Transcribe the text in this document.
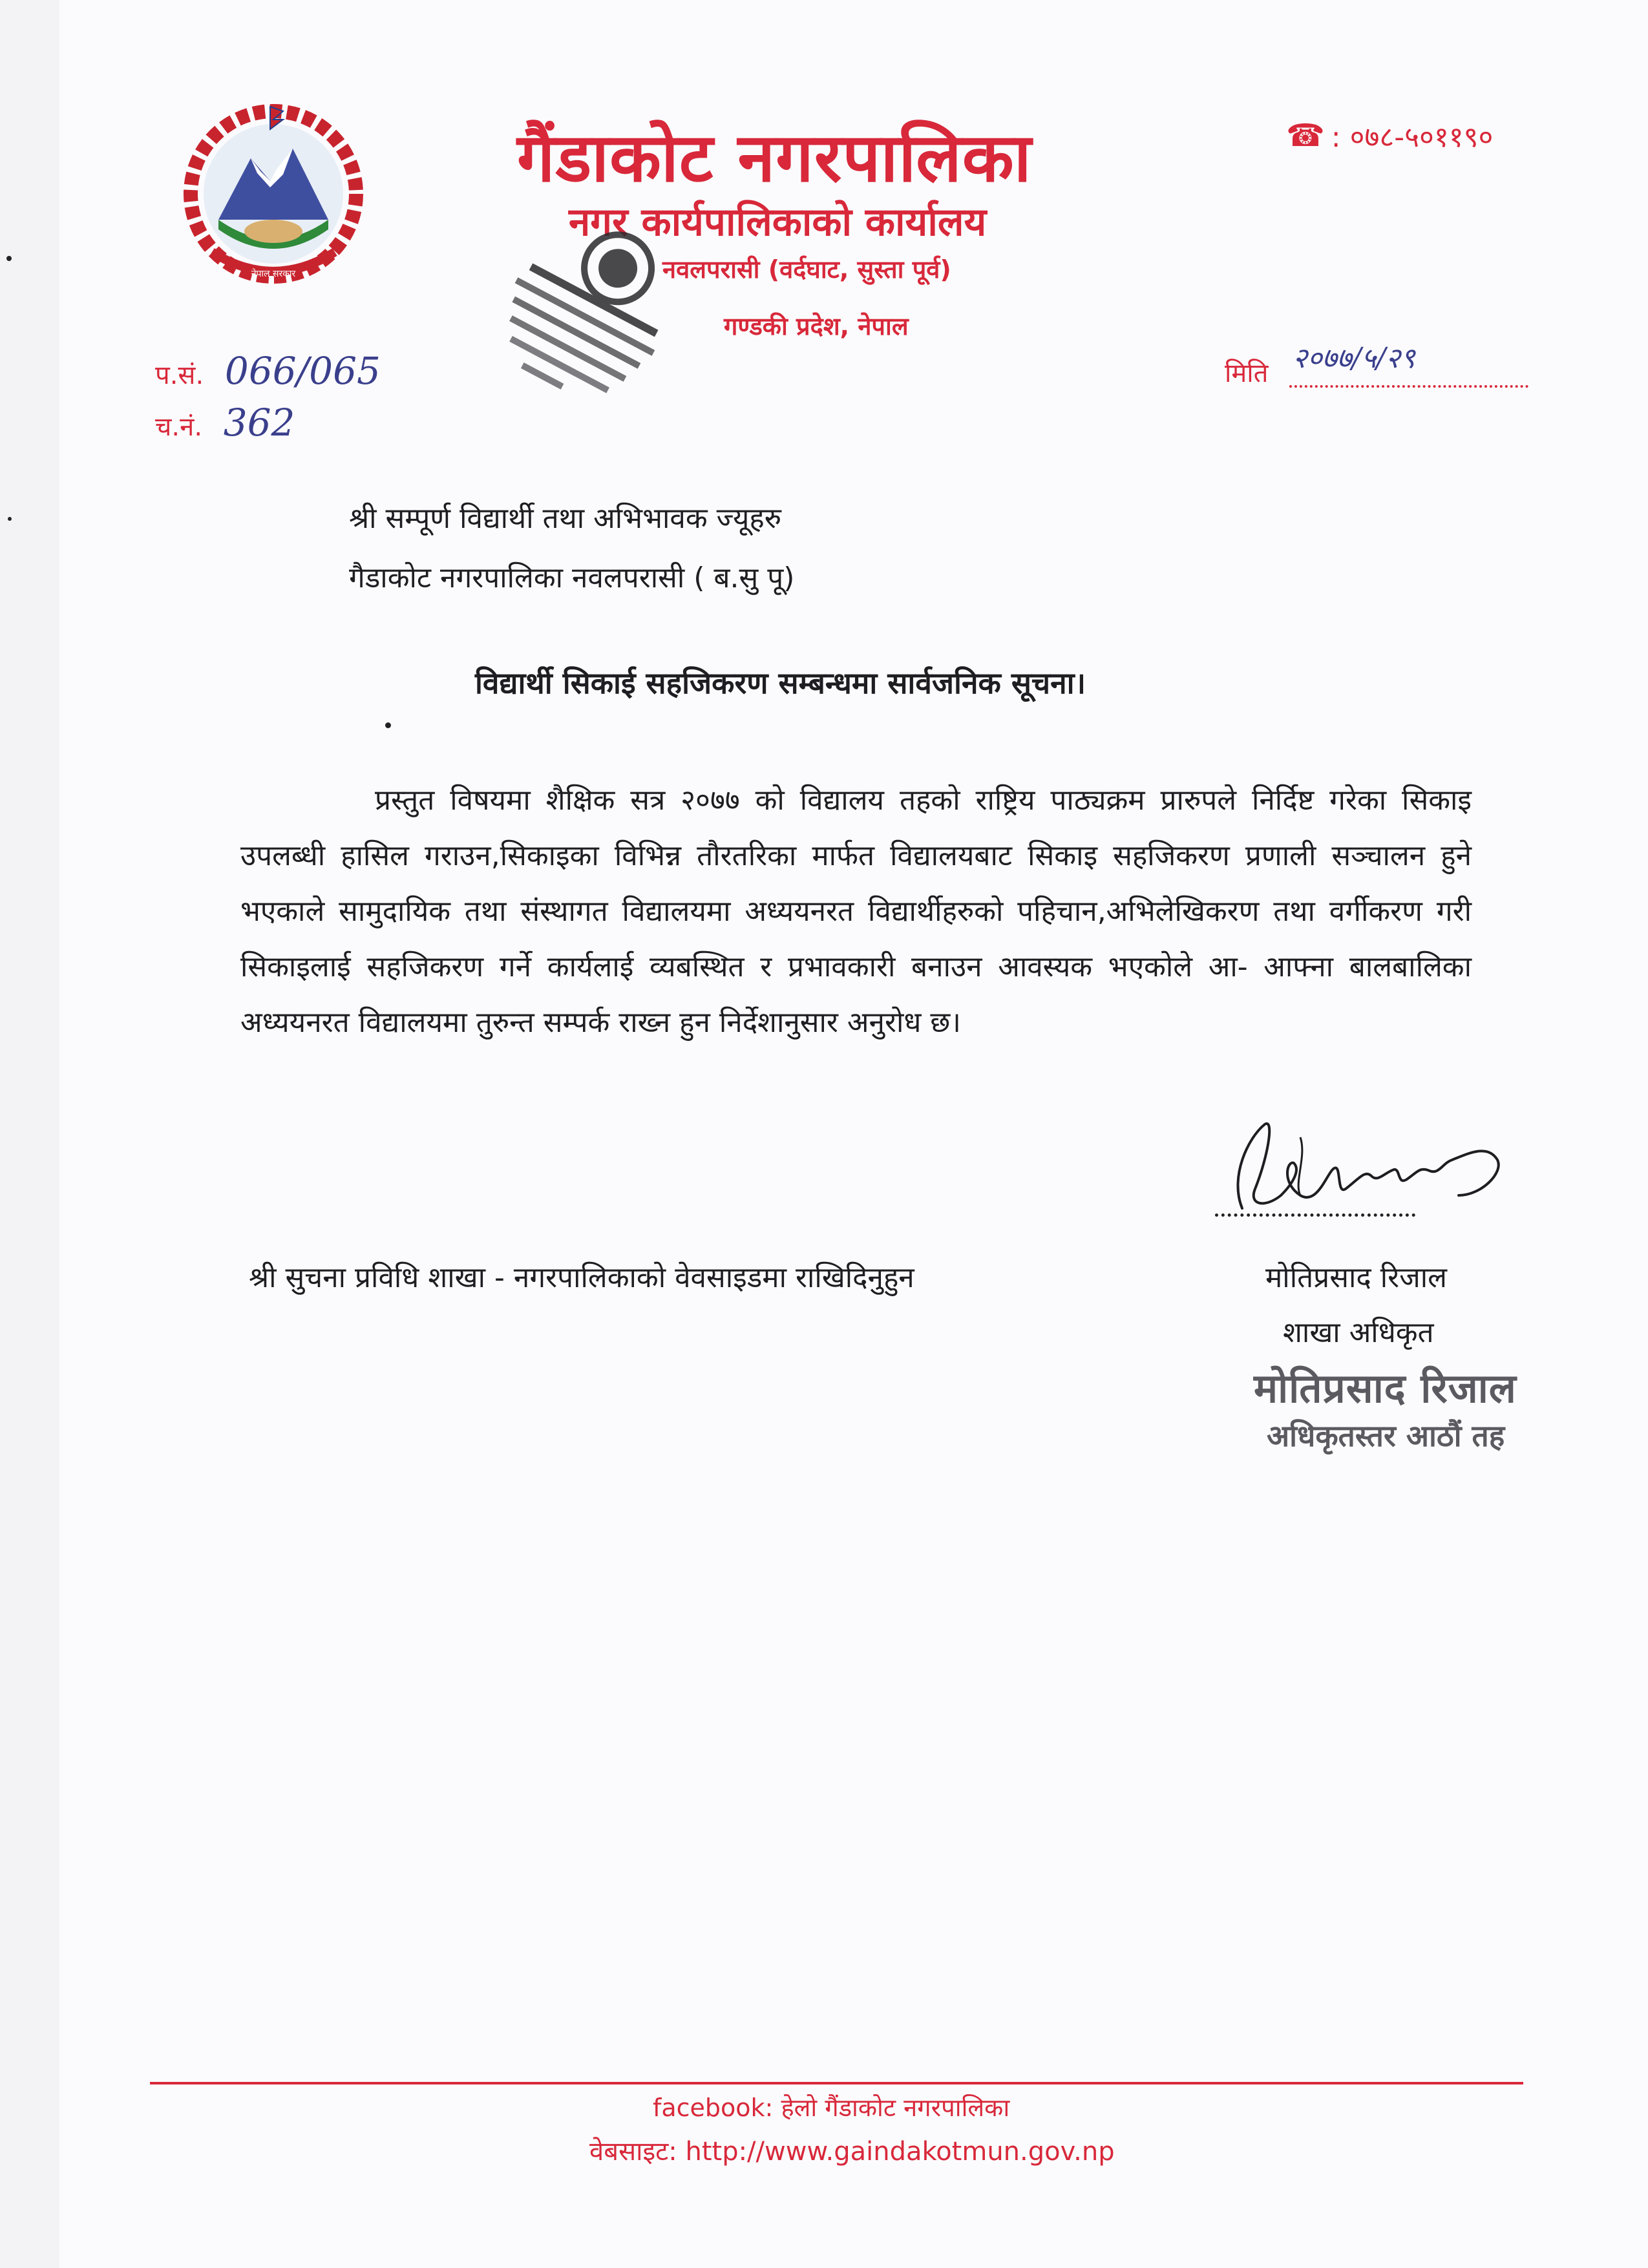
नेपाल सरकार
गैंडाकोट नगरपालिका
नगर कार्यपालिकाको कार्यालय
नवलपरासी (वर्दघाट, सुस्ता पूर्व)
गण्डकी प्रदेश, नेपाल
☎ : ०७८-५०११९०
प.सं. 066/065
च.नं. 362
मिति २०७७/५/२९
श्री सम्पूर्ण विद्यार्थी तथा अभिभावक ज्यूहरु
गैडाकोट नगरपालिका नवलपरासी ( ब.सु पू)
विद्यार्थी सिकाई सहजिकरण सम्बन्धमा सार्वजनिक सूचना।
प्रस्तुत विषयमा शैक्षिक सत्र २०७७ को विद्यालय तहको राष्ट्रिय पाठ्यक्रम प्रारुपले निर्दिष्ट गरेका सिकाइ उपलब्धी हासिल गराउन,सिकाइका विभिन्न तौरतरिका मार्फत विद्यालयबाट सिकाइ सहजिकरण प्रणाली सञ्चालन हुने भएकाले सामुदायिक तथा संस्थागत विद्यालयमा अध्ययनरत विद्यार्थीहरुको पहिचान,अभिलेखिकरण तथा वर्गीकरण गरी सिकाइलाई सहजिकरण गर्ने कार्यलाई व्यबस्थित र प्रभावकारी बनाउन आवस्यक भएकोले आ- आफ्ना बालबालिका अध्ययनरत विद्यालयमा तुरुन्त सम्पर्क राख्न हुन निर्देशानुसार अनुरोध छ।
मोतिप्रसाद रिजाल
शाखा अधिकृत
मोतिप्रसाद रिजाल
अधिकृतस्तर आठौं तह
श्री सुचना प्रविधि शाखा - नगरपालिकाको वेवसाइडमा राखिदिनुहुन
facebook: हेलो गैंडाकोट नगरपालिका
वेबसाइट: http://www.gaindakotmun.gov.np
